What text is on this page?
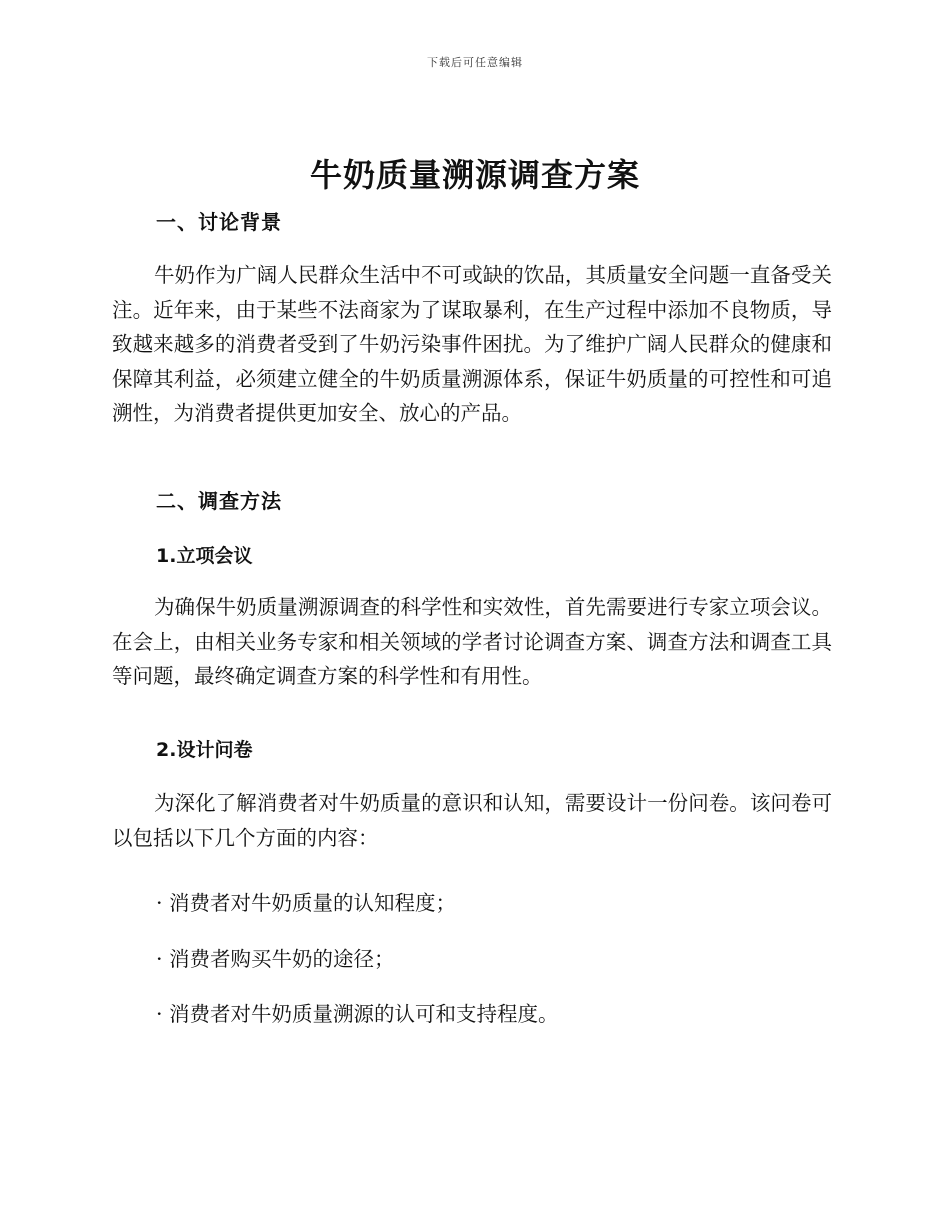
下载后可任意编辑
牛奶质量溯源调查方案
一、讨论背景

牛奶作为广阔人民群众生活中不可或缺的饮品，其质量安全问题一直备受关注。近年来，由于某些不法商家为了谋取暴利，在生产过程中添加不良物质，导致越来越多的消费者受到了牛奶污染事件困扰。为了维护广阔人民群众的健康和保障其利益，必须建立健全的牛奶质量溯源体系，保证牛奶质量的可控性和可追溯性，为消费者提供更加安全、放心的产品。

二、调查方法
1.立项会议

为确保牛奶质量溯源调查的科学性和实效性，首先需要进行专家立项会议。在会上，由相关业务专家和相关领域的学者讨论调查方案、调查方法和调查工具等问题，最终确定调查方案的科学性和有用性。

2.设计问卷

为深化了解消费者对牛奶质量的意识和认知，需要设计一份问卷。该问卷可以包括以下几个方面的内容：

· 消费者对牛奶质量的认知程度；

· 消费者购买牛奶的途径；

· 消费者对牛奶质量溯源的认可和支持程度。
